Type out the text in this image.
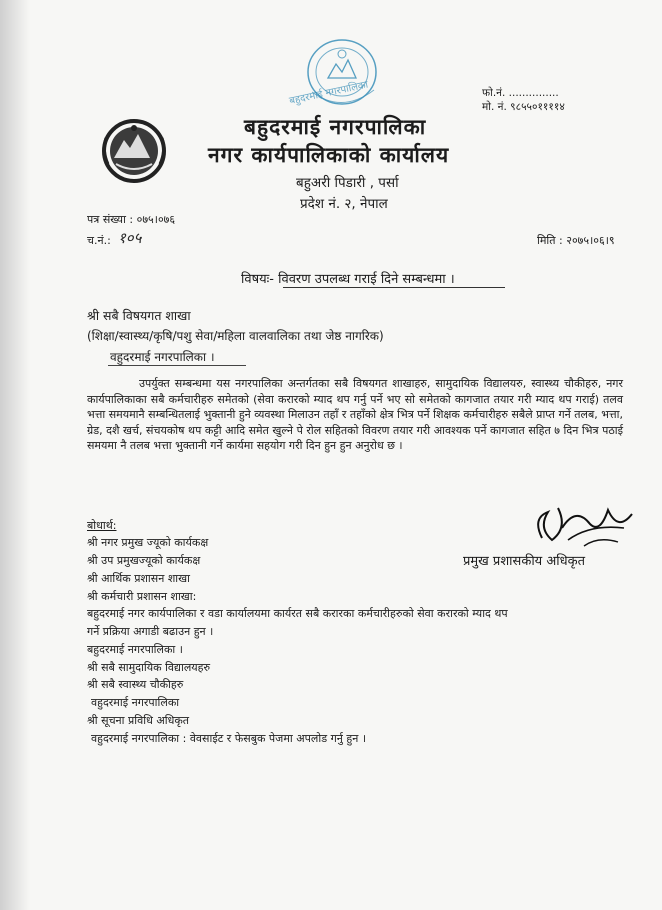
बहुदरमाई नगरपालिका	फो.नं. ...............
मो. नं. ९८५५०११११४
बहुदरमाई नगरपालिका
नगर कार्यपालिकाको कार्यालय
बहुअरी पिडारी , पर्सा
प्रदेश नं. २, नेपाल
पत्र संख्या : ०७५।०७६
च.नं.: १०५	मिति : २०७५।०६।९
विषयः- विवरण उपलब्ध गराई दिने सम्बन्धमा ।
श्री सबै विषयगत शाखा
(शिक्षा/स्वास्थ्य/कृषि/पशु सेवा/महिला वालवालिका तथा जेष्ठ नागरिक)
वहुदरमाई नगरपालिका ।
उपर्युक्त सम्बन्धमा यस नगरपालिका अन्तर्गतका सबै विषयगत शाखाहरु, सामुदायिक विद्यालयरु, स्वास्थ्य चौकीहरु, नगर कार्यपालिकाका सबै कर्मचारीहरु समेतको (सेवा करारको म्याद थप गर्नु पर्ने भए सो समेतको कागजात तयार गरी म्याद थप गराई) तलव भत्ता समयमानै सम्बन्धितलाई भुक्तानी हुने व्यवस्था मिलाउन तहाँ र तहाँको क्षेत्र भित्र पर्ने शिक्षक कर्मचारीहरु सबैले प्राप्त गर्ने तलब, भत्ता, ग्रेड, दशै खर्च, संचयकोष थप कट्टी आदि समेत खुल्ने पे रोल सहितको विवरण तयार गरी आवश्यक पर्ने कागजात सहित ७ दिन भित्र पठाई समयमा नै तलब भत्ता भुक्तानी गर्ने कार्यमा सहयोग गरी दिन हुन हुन अनुरोध छ ।
प्रमुख प्रशासकीय अधिकृत
बोधार्थ:
श्री नगर प्रमुख ज्यूको कार्यकक्ष
श्री उप प्रमुखज्यूको कार्यकक्ष
श्री आर्थिक प्रशासन शाखा
श्री कर्मचारी प्रशासन शाखा:
बहुदरमाई नगर कार्यपालिका र वडा कार्यालयमा कार्यरत सबै करारका कर्मचारीहरुको सेवा करारको म्याद थप
गर्ने प्रक्रिया अगाडी बढाउन हुन ।
बहुदरमाई नगरपालिका ।
श्री सबै सामुदायिक विद्यालयहरु
श्री सबै स्वास्थ्य चौकीहरु
वहुदरमाई नगरपालिका
श्री सूचना प्रविधि अधिकृत
वहुदरमाई नगरपालिका : वेवसाईट र फेसबुक पेजमा अपलोड गर्नु हुन ।
